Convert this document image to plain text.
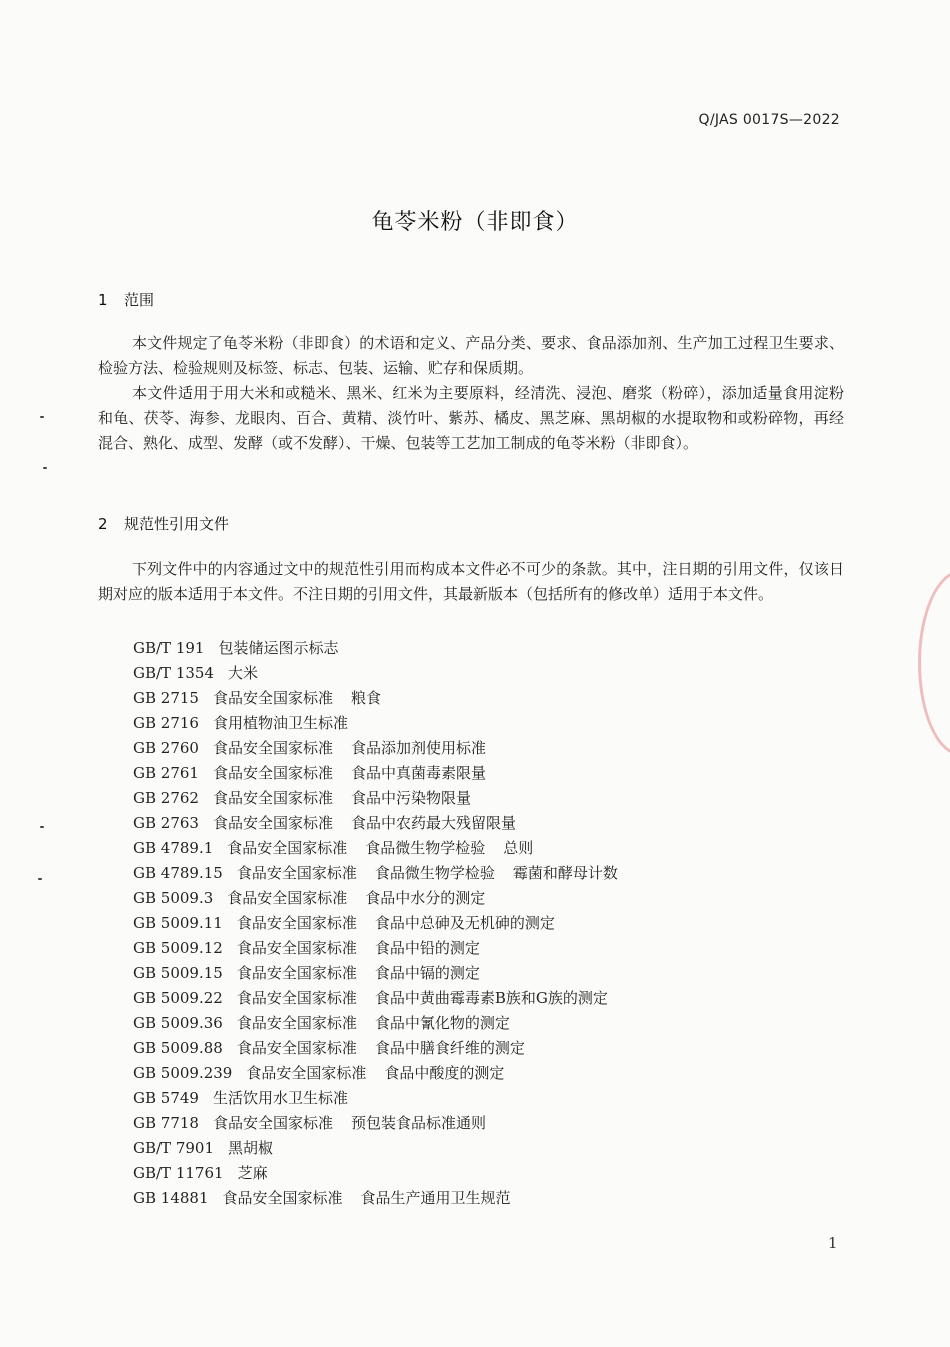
Q/JAS 0017S—2022
龟苓米粉（非即食）
1 范围

本文件规定了龟苓米粉（非即食）的术语和定义、产品分类、要求、食品添加剂、生产加工过程卫生要求、检验方法、检验规则及标签、标志、包装、运输、贮存和保质期。

本文件适用于用大米和或糙米、黑米、红米为主要原料，经清洗、浸泡、磨浆（粉碎），添加适量食用淀粉和龟、茯苓、海参、龙眼肉、百合、黄精、淡竹叶、紫苏、橘皮、黑芝麻、黑胡椒的水提取物和或粉碎物，再经混合、熟化、成型、发酵（或不发酵）、干燥、包装等工艺加工制成的龟苓米粉（非即食）。

2 规范性引用文件

下列文件中的内容通过文中的规范性引用而构成本文件必不可少的条款。其中，注日期的引用文件，仅该日期对应的版本适用于本文件。不注日期的引用文件，其最新版本（包括所有的修改单）适用于本文件。

GB/T 191 包装储运图示标志
GB/T 1354 大米
GB 2715 食品安全国家标准 粮食
GB 2716 食用植物油卫生标准
GB 2760 食品安全国家标准 食品添加剂使用标准
GB 2761 食品安全国家标准 食品中真菌毒素限量
GB 2762 食品安全国家标准 食品中污染物限量
GB 2763 食品安全国家标准 食品中农药最大残留限量
GB 4789.1 食品安全国家标准 食品微生物学检验 总则
GB 4789.15 食品安全国家标准 食品微生物学检验 霉菌和酵母计数
GB 5009.3 食品安全国家标准 食品中水分的测定
GB 5009.11 食品安全国家标准 食品中总砷及无机砷的测定
GB 5009.12 食品安全国家标准 食品中铅的测定
GB 5009.15 食品安全国家标准 食品中镉的测定
GB 5009.22 食品安全国家标准 食品中黄曲霉毒素B族和G族的测定
GB 5009.36 食品安全国家标准 食品中氰化物的测定
GB 5009.88 食品安全国家标准 食品中膳食纤维的测定
GB 5009.239 食品安全国家标准 食品中酸度的测定
GB 5749 生活饮用水卫生标准
GB 7718 食品安全国家标准 预包装食品标准通则
GB/T 7901 黑胡椒
GB/T 11761 芝麻
GB 14881 食品安全国家标准 食品生产通用卫生规范
1
